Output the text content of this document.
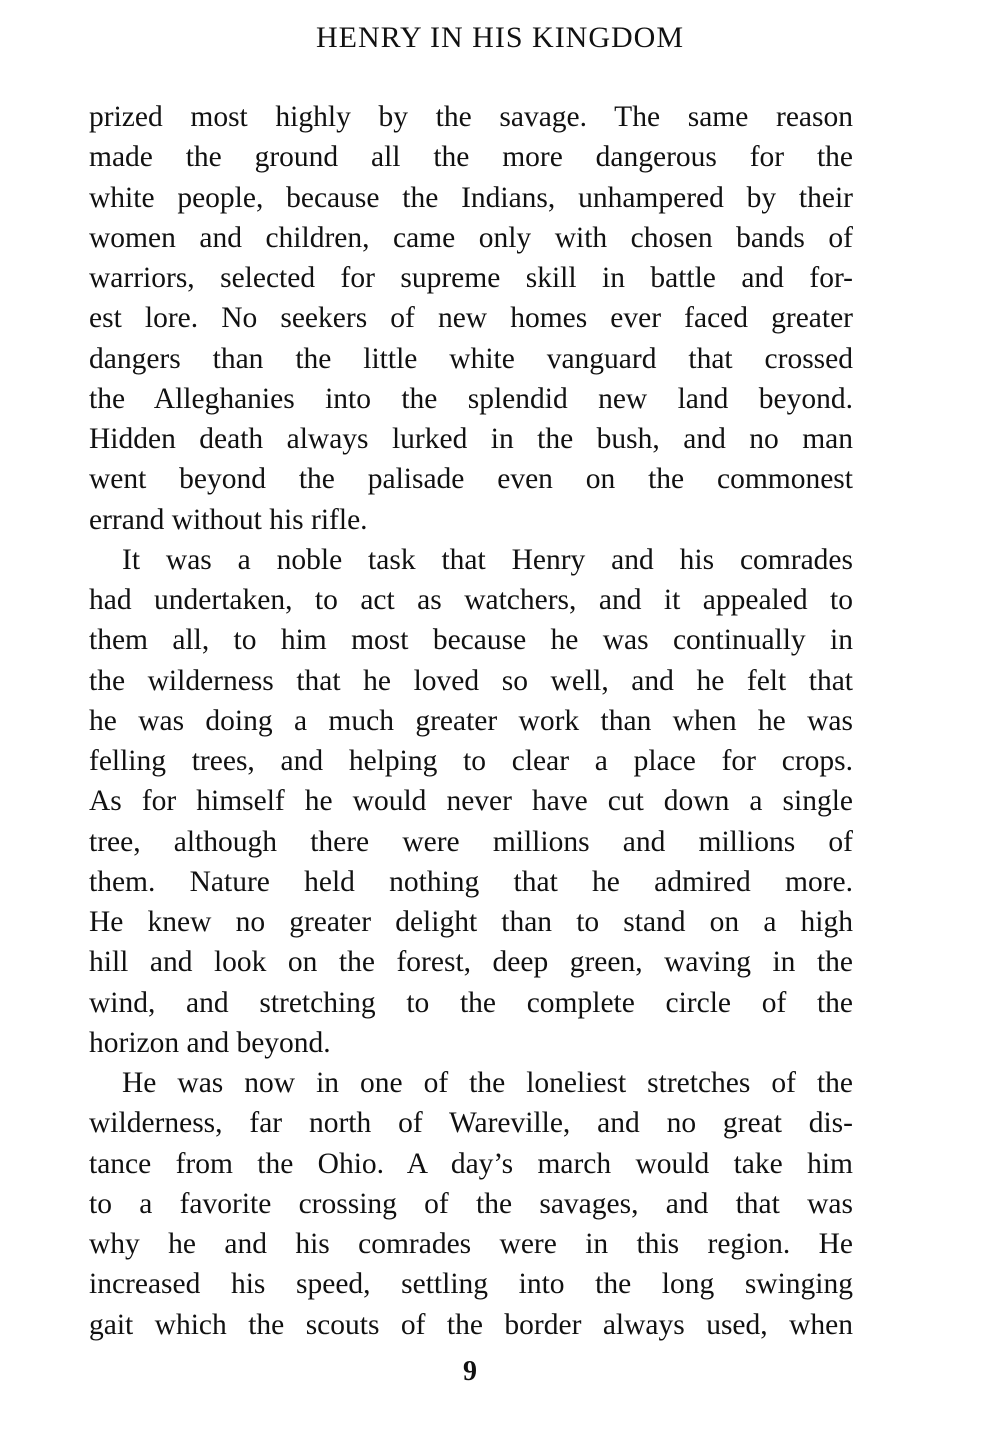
HENRY IN HIS KINGDOM

prized most highly by the savage. The same reason
made the ground all the more dangerous for the
white people, because the Indians, unhampered by their
women and children, came only with chosen bands of
warriors, selected for supreme skill in battle and for-
est lore. No seekers of new homes ever faced greater
dangers than the little white vanguard that crossed
the Alleghanies into the splendid new land beyond.
Hidden death always lurked in the bush, and no man
went beyond the palisade even on the commonest
errand without his rifle.

It was a noble task that Henry and his comrades
had undertaken, to act as watchers, and it appealed to
them all, to him most because he was continually in
the wilderness that he loved so well, and he felt that
he was doing a much greater work than when he was
felling trees, and helping to clear a place for crops.
As for himself he would never have cut down a single
tree, although there were millions and millions of
them. Nature held nothing that he admired more.
He knew no greater delight than to stand on a high
hill and look on the forest, deep green, waving in the
wind, and stretching to the complete circle of the
horizon and beyond.

He was now in one of the loneliest stretches of the
wilderness, far north of Wareville, and no great dis-
tance from the Ohio. A day’s march would take him
to a favorite crossing of the savages, and that was
why he and his comrades were in this region. He
increased his speed, settling into the long swinging
gait which the scouts of the border always used, when

9
